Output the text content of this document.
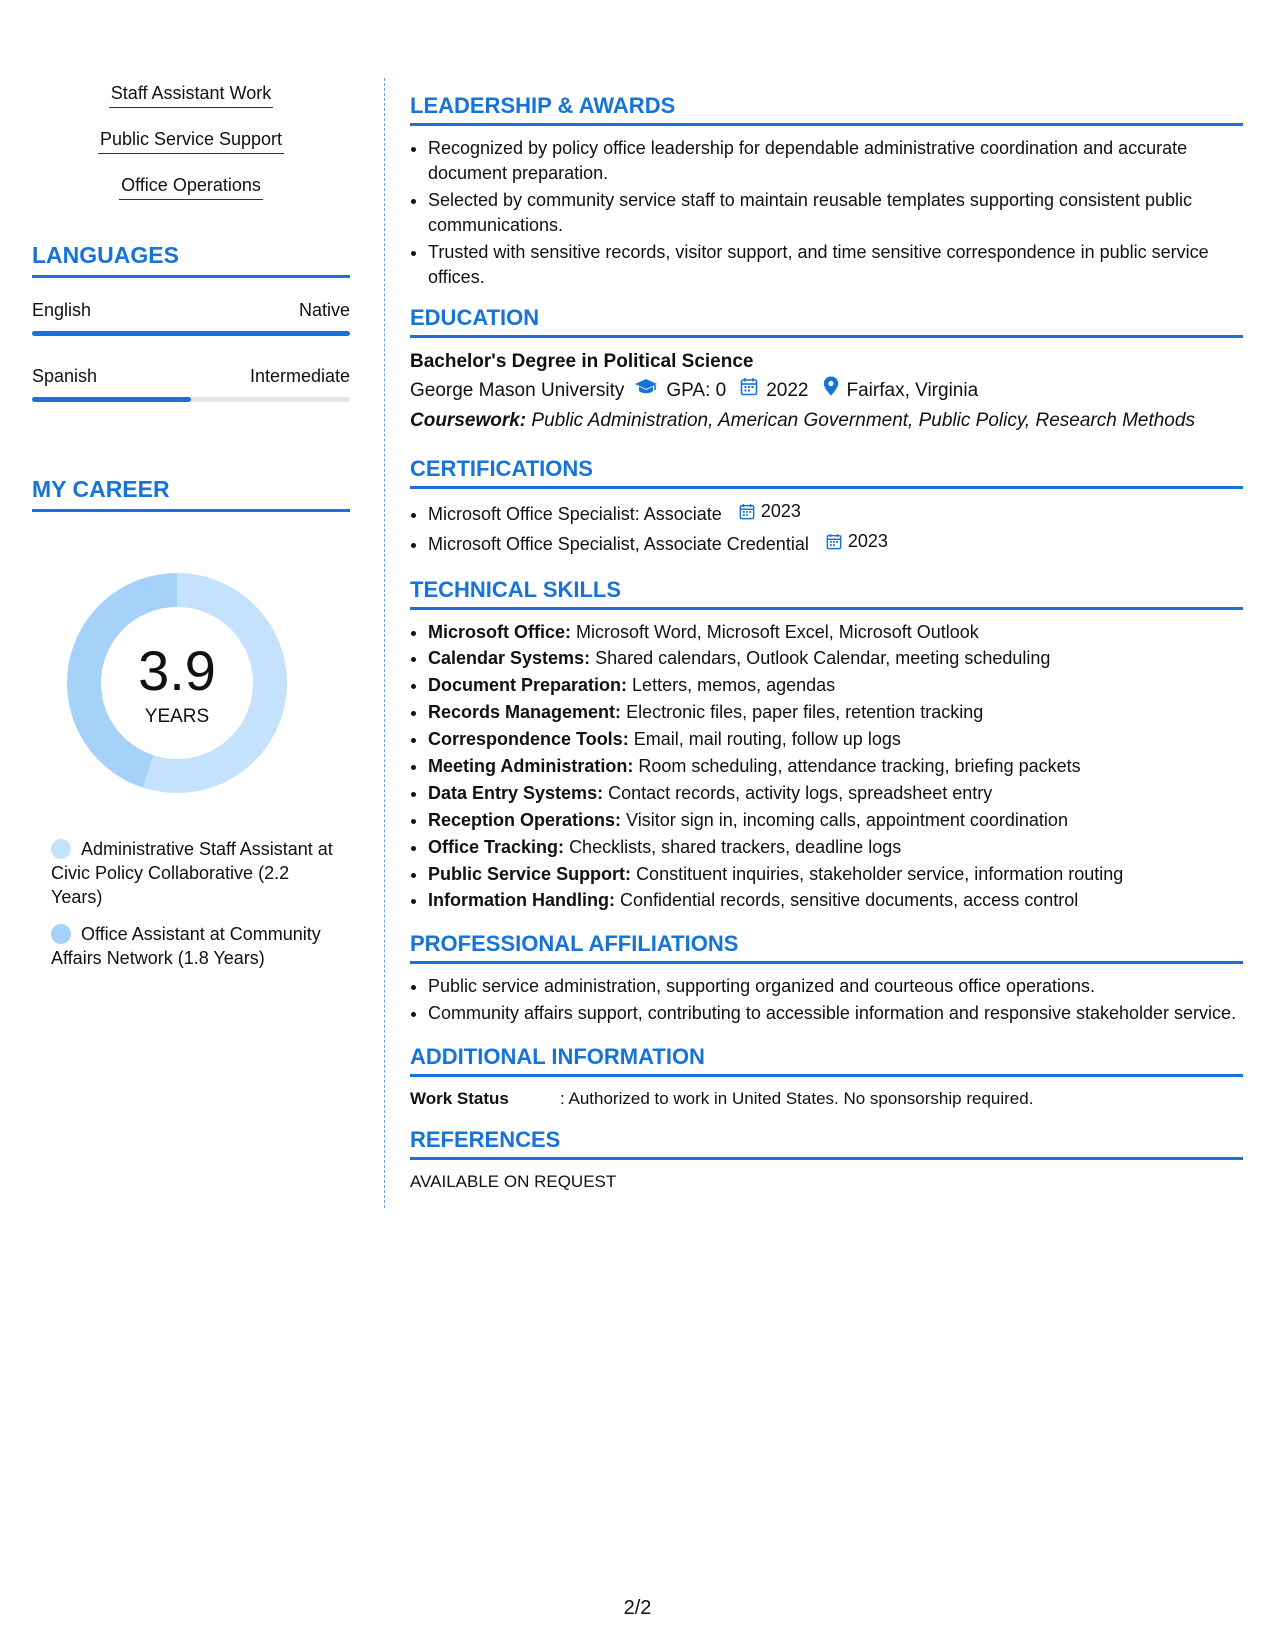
Staff Assistant Work
Public Service Support
Office Operations
LANGUAGES
English	Native
Spanish	Intermediate
MY CAREER
3.9
YEARS
Administrative Staff Assistant at Civic Policy Collaborative (2.2 Years)
Office Assistant at Community Affairs Network (1.8 Years)
LEADERSHIP & AWARDS
• Recognized by policy office leadership for dependable administrative coordination and accurate document preparation.
• Selected by community service staff to maintain reusable templates supporting consistent public communications.
• Trusted with sensitive records, visitor support, and time sensitive correspondence in public service offices.
EDUCATION
Bachelor's Degree in Political Science
George Mason University GPA: 0 2022 Fairfax, Virginia
Coursework: Public Administration, American Government, Public Policy, Research Methods
CERTIFICATIONS
• Microsoft Office Specialist: Associate 2023
• Microsoft Office Specialist, Associate Credential 2023
TECHNICAL SKILLS
• Microsoft Office: Microsoft Word, Microsoft Excel, Microsoft Outlook
• Calendar Systems: Shared calendars, Outlook Calendar, meeting scheduling
• Document Preparation: Letters, memos, agendas
• Records Management: Electronic files, paper files, retention tracking
• Correspondence Tools: Email, mail routing, follow up logs
• Meeting Administration: Room scheduling, attendance tracking, briefing packets
• Data Entry Systems: Contact records, activity logs, spreadsheet entry
• Reception Operations: Visitor sign in, incoming calls, appointment coordination
• Office Tracking: Checklists, shared trackers, deadline logs
• Public Service Support: Constituent inquiries, stakeholder service, information routing
• Information Handling: Confidential records, sensitive documents, access control
PROFESSIONAL AFFILIATIONS
• Public service administration, supporting organized and courteous office operations.
• Community affairs support, contributing to accessible information and responsive stakeholder service.
ADDITIONAL INFORMATION
Work Status	: Authorized to work in United States. No sponsorship required.
REFERENCES
AVAILABLE ON REQUEST
2/2
